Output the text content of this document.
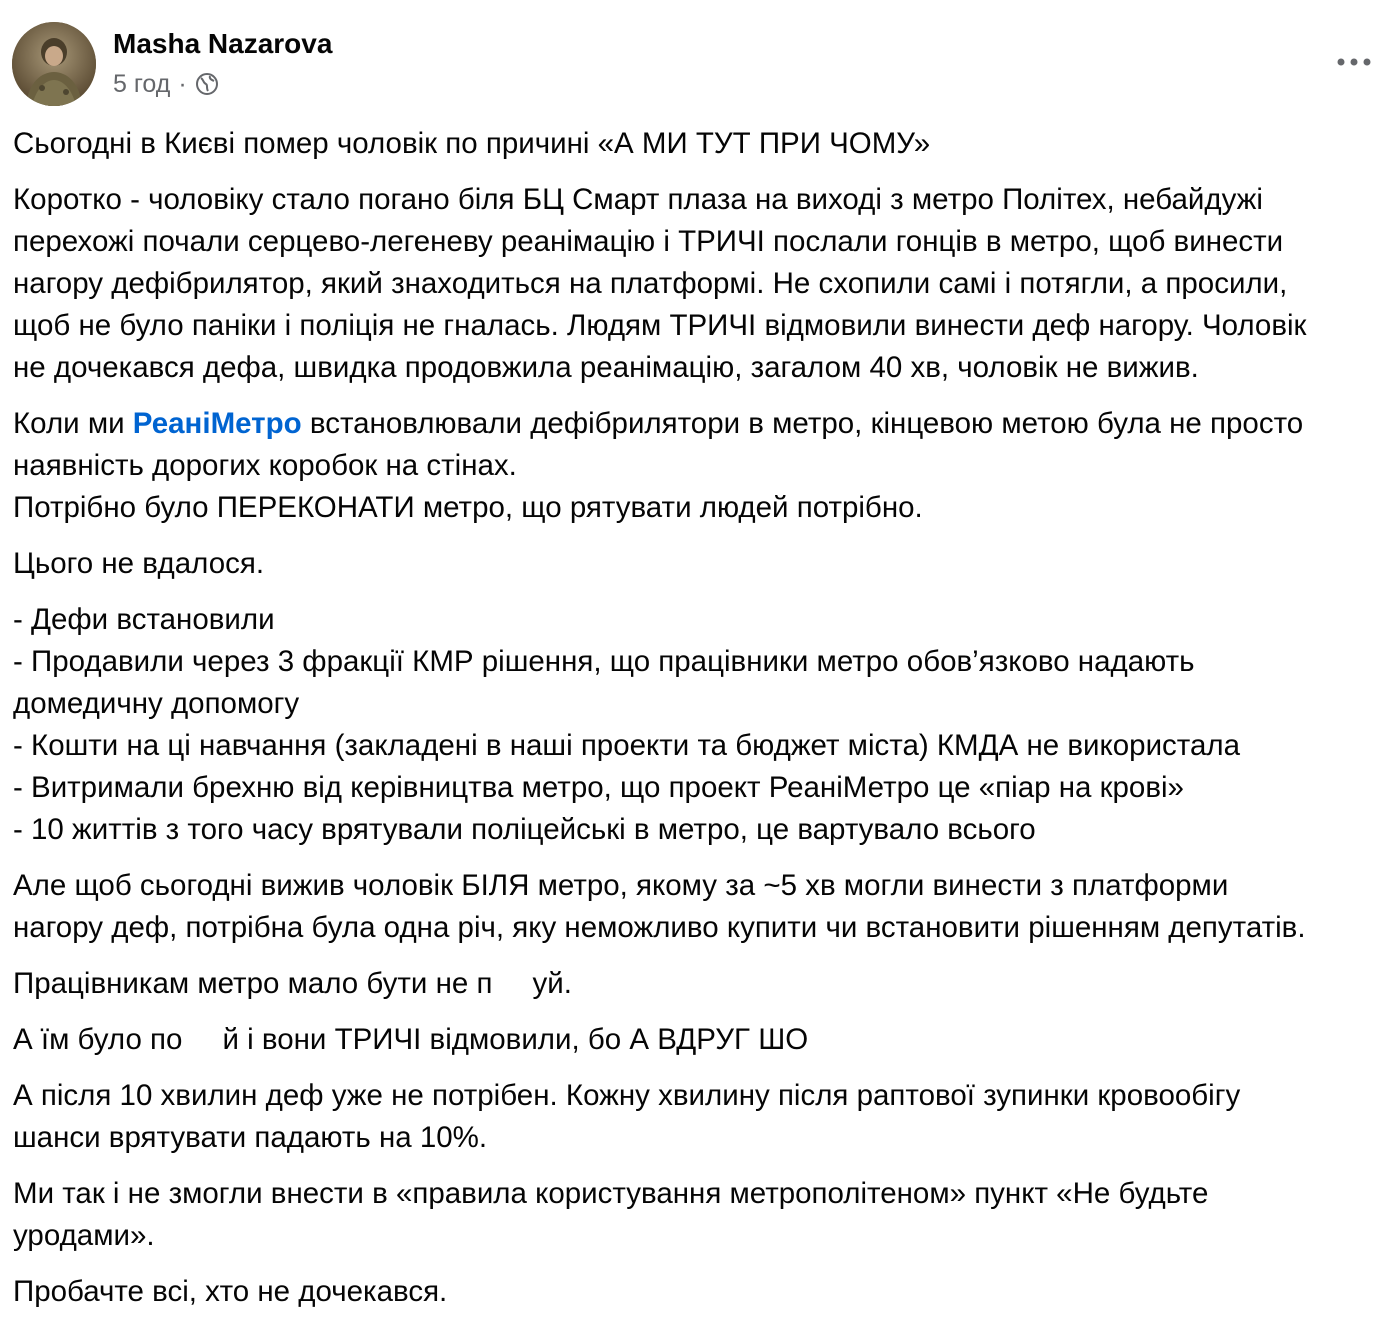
Masha Nazarova
5 год ·

Сьогодні в Києві помер чоловік по причині «А МИ ТУТ ПРИ ЧОМУ»

Коротко - чоловіку стало погано біля БЦ Смарт плаза на виході з метро Політех, небайдужі
перехожі почали серцево-легеневу реанімацію і ТРИЧІ послали гонців в метро, щоб винести
нагору дефібрилятор, який знаходиться на платформі. Не схопили самі і потягли, а просили,
щоб не було паніки і поліція не гналась. Людям ТРИЧІ відмовили винести деф нагору. Чоловік
не дочекався дефа, швидка продовжила реанімацію, загалом 40 хв, чоловік не вижив.

Коли ми РеаніМетро встановлювали дефібрилятори в метро, кінцевою метою була не просто
наявність дорогих коробок на стінах.
Потрібно було ПЕРЕКОНАТИ метро, що рятувати людей потрібно.

Цього не вдалося.

- Дефи встановили
- Продавили через 3 фракції КМР рішення, що працівники метро обов’язково надають
домедичну допомогу
- Кошти на ці навчання (закладені в наші проекти та бюджет міста) КМДА не використала
- Витримали брехню від керівництва метро, що проект РеаніМетро це «піар на крові»
- 10 життів з того часу врятували поліцейські в метро, це вартувало всього

Але щоб сьогодні вижив чоловік БІЛЯ метро, якому за ~5 хв могли винести з платформи
нагору деф, потрібна була одна річ, яку неможливо купити чи встановити рішенням депутатів.

Працівникам метро мало бути не п уй.

А їм було по й і вони ТРИЧІ відмовили, бо А ВДРУГ ШО

А після 10 хвилин деф уже не потрібен. Кожну хвилину після раптової зупинки кровообігу
шанси врятувати падають на 10%.

Ми так і не змогли внести в «правила користування метрополітеном» пункт «Не будьте
уродами».

Пробачте всі, хто не дочекався.
